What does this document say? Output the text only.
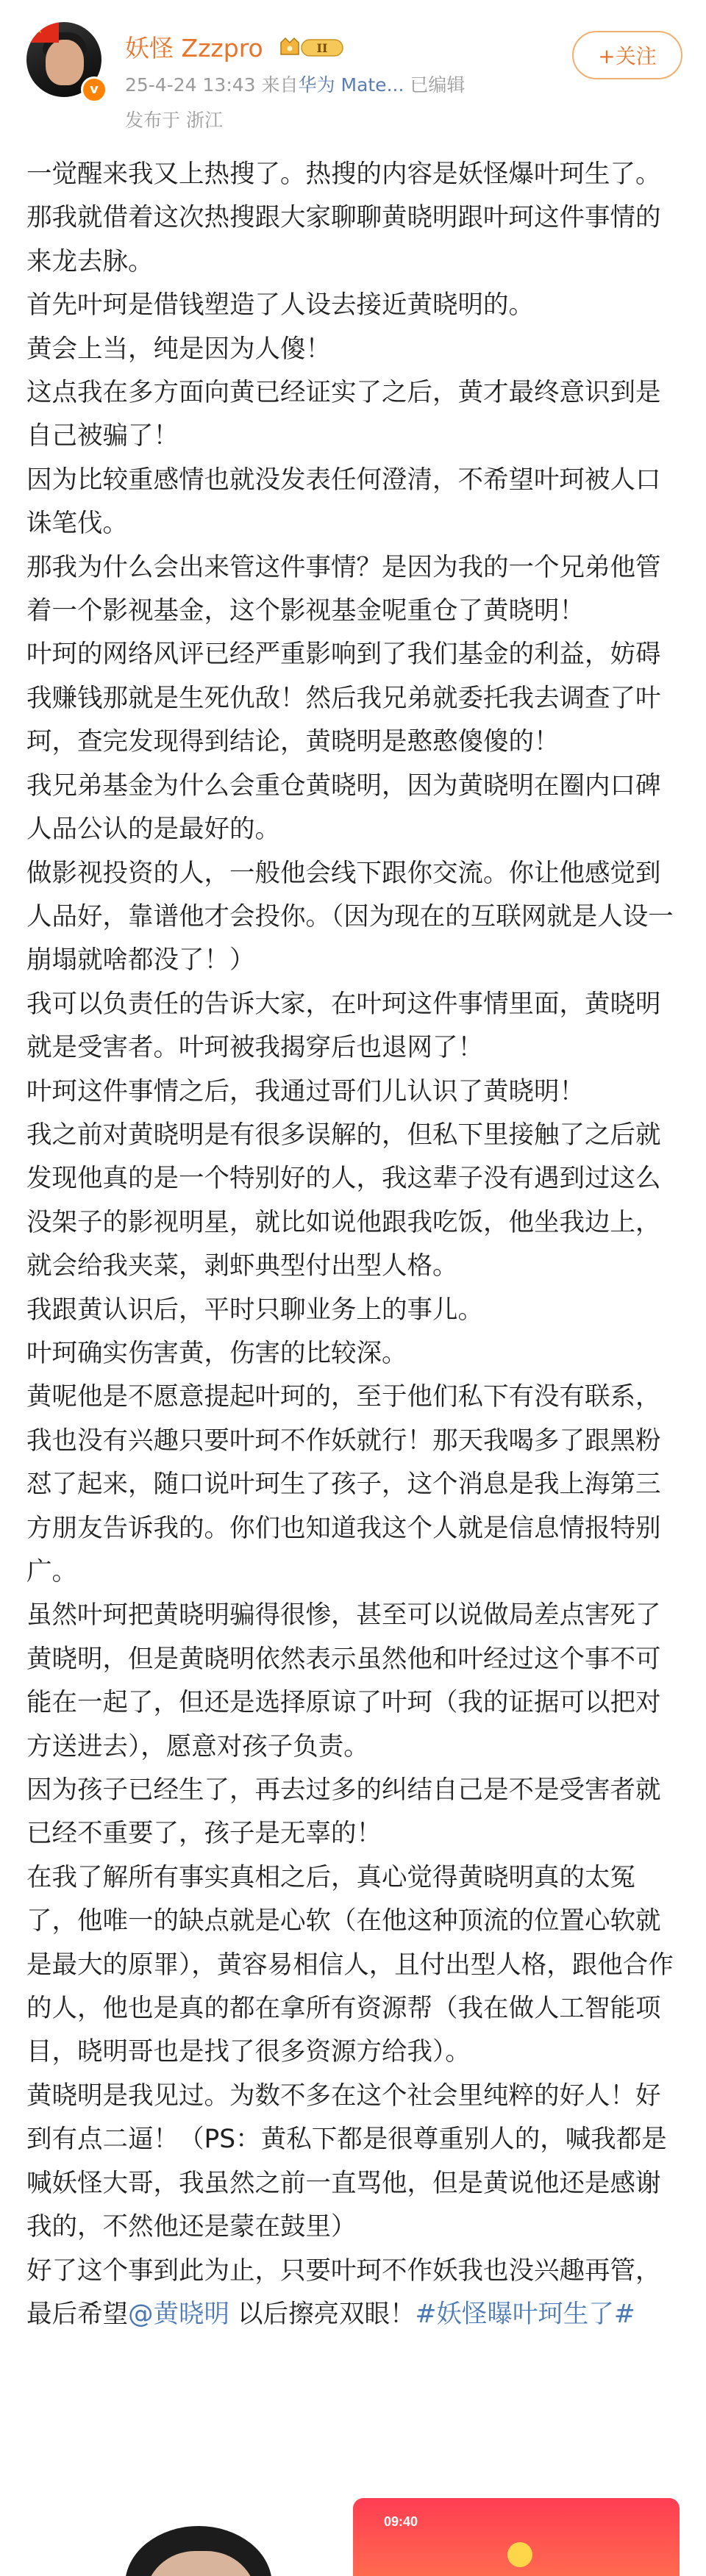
★
v
妖怪 Zzzpro	II
25-4-24 13:43 来自华为 Mate... 已编辑
发布于 浙江
+关注

一觉醒来我又上热搜了。热搜的内容是妖怪爆叶珂生了。那我就借着这次热搜跟大家聊聊黄晓明跟叶珂这件事情的来龙去脉。

首先叶珂是借钱塑造了人设去接近黄晓明的。

黄会上当，纯是因为人傻！

这点我在多方面向黄已经证实了之后，黄才最终意识到是自己被骗了！

因为比较重感情也就没发表任何澄清，不希望叶珂被人口诛笔伐。

那我为什么会出来管这件事情？是因为我的一个兄弟他管着一个影视基金，这个影视基金呢重仓了黄晓明！

叶珂的网络风评已经严重影响到了我们基金的利益，妨碍我赚钱那就是生死仇敌！然后我兄弟就委托我去调查了叶珂，查完发现得到结论，黄晓明是憨憨傻傻的！

我兄弟基金为什么会重仓黄晓明，因为黄晓明在圈内口碑人品公认的是最好的。

做影视投资的人，一般他会线下跟你交流。你让他感觉到人品好，靠谱他才会投你。（因为现在的互联网就是人设一崩塌就啥都没了！）

我可以负责任的告诉大家，在叶珂这件事情里面，黄晓明就是受害者。叶珂被我揭穿后也退网了！

叶珂这件事情之后，我通过哥们儿认识了黄晓明！

我之前对黄晓明是有很多误解的，但私下里接触了之后就发现他真的是一个特别好的人，我这辈子没有遇到过这么没架子的影视明星，就比如说他跟我吃饭，他坐我边上，就会给我夹菜，剥虾典型付出型人格。

我跟黄认识后，平时只聊业务上的事儿。

叶珂确实伤害黄，伤害的比较深。

黄呢他是不愿意提起叶珂的，至于他们私下有没有联系，我也没有兴趣只要叶珂不作妖就行！那天我喝多了跟黑粉怼了起来，随口说叶珂生了孩子，这个消息是我上海第三方朋友告诉我的。你们也知道我这个人就是信息情报特别广。

虽然叶珂把黄晓明骗得很惨，甚至可以说做局差点害死了黄晓明，但是黄晓明依然表示虽然他和叶经过这个事不可能在一起了，但还是选择原谅了叶珂（我的证据可以把对方送进去），愿意对孩子负责。

因为孩子已经生了，再去过多的纠结自己是不是受害者就已经不重要了，孩子是无辜的！

在我了解所有事实真相之后，真心觉得黄晓明真的太冤了，他唯一的缺点就是心软（在他这种顶流的位置心软就是最大的原罪），黄容易相信人，且付出型人格，跟他合作的人，他也是真的都在拿所有资源帮（我在做人工智能项目，晓明哥也是找了很多资源方给我）。

黄晓明是我见过。为数不多在这个社会里纯粹的好人！好到有点二逼！（PS：黄私下都是很尊重别人的，喊我都是喊妖怪大哥，我虽然之前一直骂他，但是黄说他还是感谢我的，不然他还是蒙在鼓里）

好了这个事到此为止，只要叶珂不作妖我也没兴趣再管，最后希望@黄晓明 以后擦亮双眼！#妖怪曝叶珂生了#

09:40
